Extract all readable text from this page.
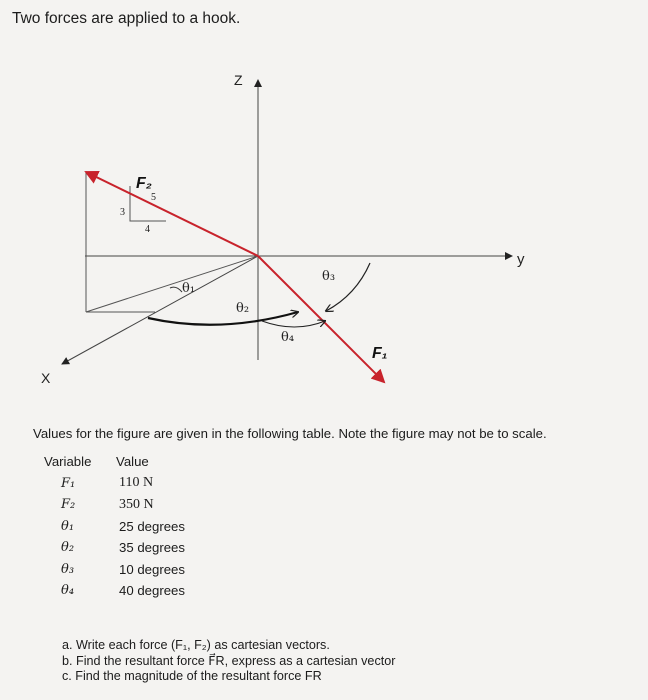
Two forces are applied to a hook.
Z
y
X
F₂
F₁
5
3
4
θ₁
θ₂
θ₃
θ₄
Values for the figure are given in the following table. Note the figure may not be to scale.
Variable	Value
F₁	110 N
F₂	350 N
θ₁	25 degrees
θ₂	35 degrees
θ₃	10 degrees
θ₄	40 degrees
a. Write each force (F₁, F₂) as cartesian vectors.
b. Find the resultant force F⃗R, express as a cartesian vector
c. Find the magnitude of the resultant force FR
